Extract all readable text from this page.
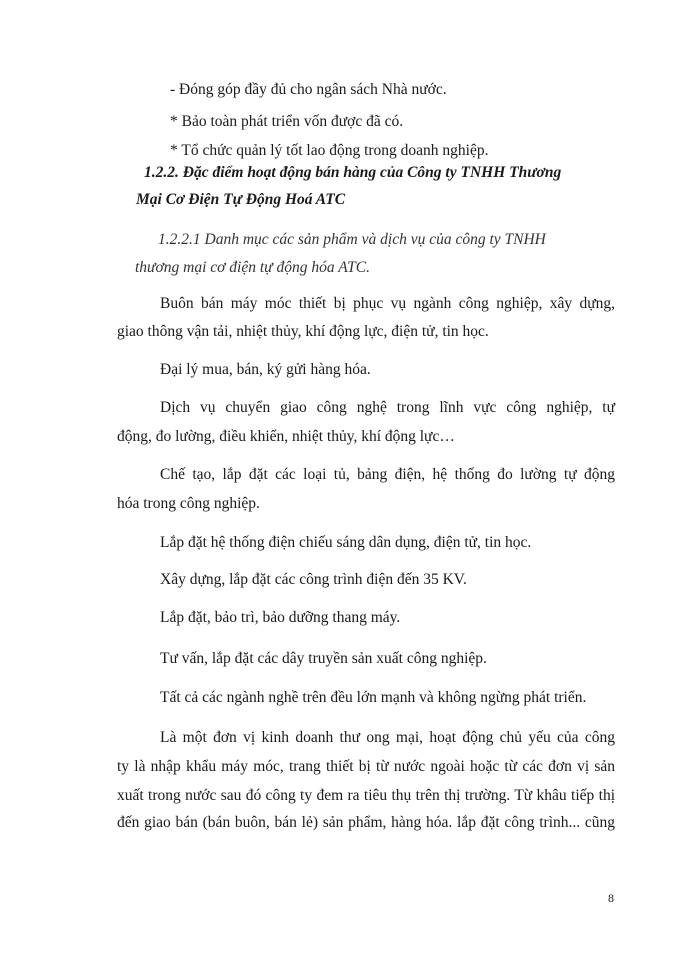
- Đóng góp đầy đủ cho ngân sách Nhà nước.
* Bảo toàn phát triển vốn được đã có.
* Tổ chức quản lý tốt lao động trong doanh nghiệp.
1.2.2. Đặc điểm hoạt động bán hàng của Công ty TNHH Thương
Mại Cơ Điện Tự Động Hoá ATC
1.2.2.1 Danh mục các sản phẩm và dịch vụ của công ty TNHH
thương mại cơ điện tự động hóa ATC.
Buôn bán máy móc thiết bị phục vụ ngành công nghiệp, xây dựng,
giao thông vận tải, nhiệt thủy, khí động lực, điện tử, tin học.
Đại lý mua, bán, ký gửi hàng hóa.
Dịch vụ chuyển giao công nghệ trong lĩnh vực công nghiệp, tự
động, đo lường, điều khiển, nhiệt thủy, khí động lực…
Chế tạo, lắp đặt các loại tủ, bảng điện, hệ thống đo lường tự động
hóa trong công nghiệp.
Lắp đặt hệ thống điện chiếu sáng dân dụng, điện tử, tin học.
Xây dựng, lắp đặt các công trình điện đến 35 KV.
Lắp đặt, bảo trì, bảo dưỡng thang máy.
Tư vấn, lắp đặt các dây truyền sản xuất công nghiệp.
Tất cả các ngành nghề trên đều lớn mạnh và không ngừng phát triển.
Là một đơn vị kinh doanh thư ong mại, hoạt động chủ yếu của công
ty là nhập khẩu máy móc, trang thiết bị từ nước ngoài hoặc từ các đơn vị sản
xuất trong nước sau đó công ty đem ra tiêu thụ trên thị trường. Từ khâu tiếp thị
đến giao bán (bán buôn, bán lẻ) sản phẩm, hàng hóa. lắp đặt công trình... cũng
8
